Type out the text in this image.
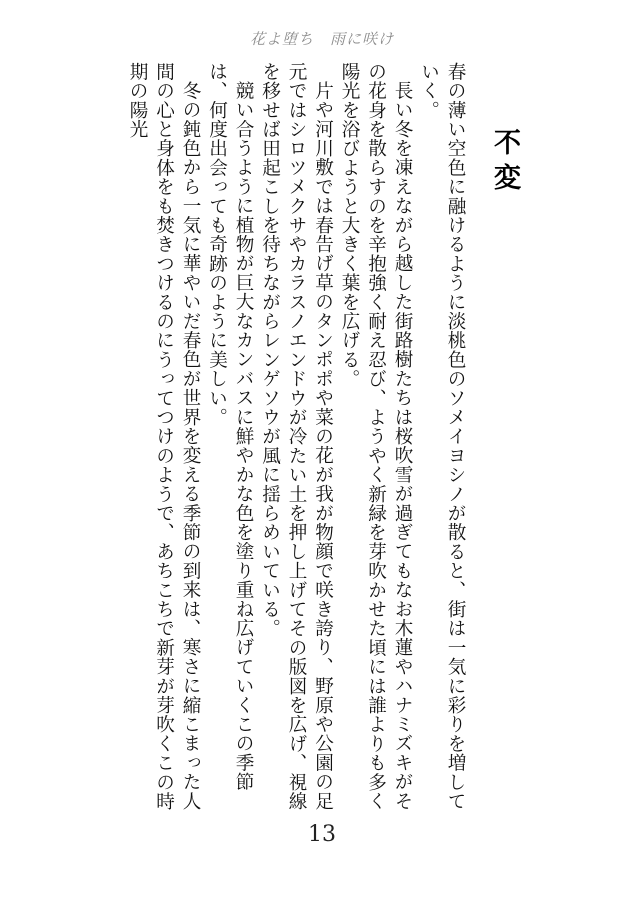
花よ堕ち　雨に咲け
不変

春の薄い空色に融けるように淡桃色のソメイヨシノが散ると、街は一気に彩りを増していく。

長い冬を凍えながら越した街路樹たちは桜吹雪が過ぎてもなお木蓮やハナミズキがその花身を散らすのを辛抱強く耐え忍び、ようやく新緑を芽吹かせた頃には誰よりも多く陽光を浴びようと大きく葉を広げる。

片や河川敷では春告げ草のタンポポや菜の花が我が物顔で咲き誇り、野原や公園の足元ではシロツメクサやカラスノエンドウが冷たい土を押し上げてその版図を広げ、視線を移せば田起こしを待ちながらレンゲソウが風に揺らめいている。

競い合うように植物が巨大なカンバスに鮮やかな色を塗り重ね広げていくこの季節は、何度出会っても奇跡のように美しい。

冬の鈍色から一気に華やいだ春色が世界を変える季節の到来は、寒さに縮こまった人間の心と身体をも焚きつけるのにうってつけのようで、あちこちで新芽が芽吹くこの時期の陽光

13
